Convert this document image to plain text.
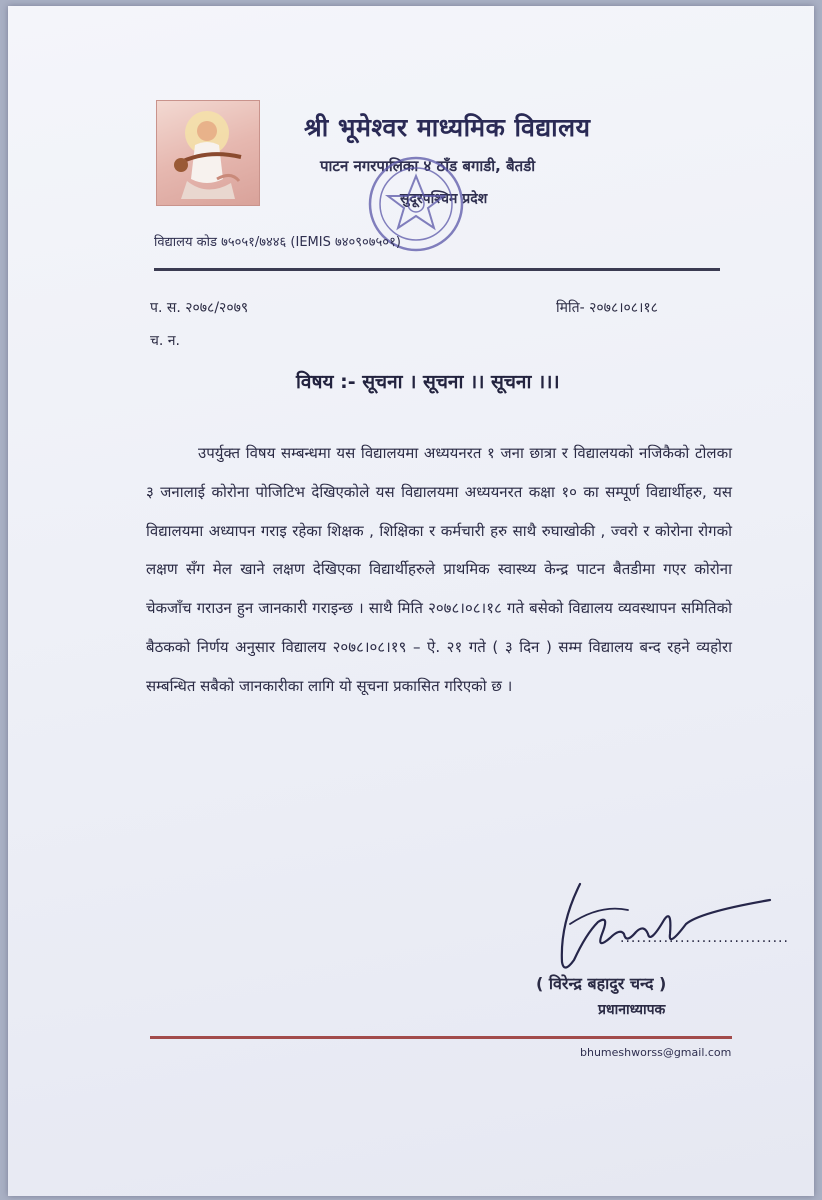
श्री भूमेश्वर माध्यमिक विद्यालय
पाटन नगरपालिका ४ ठाँड बगाडी, बैतडी
सुदूरपश्चिम प्रदेश
विद्यालय कोड ७५०५१/७४४६ (IEMIS ७४०९०७५०१)
प. स. २०७८/२०७९	मिति- २०७८।०८।१८
च. न.
विषय :- सूचना । सूचना ।। सूचना ।।।
उपर्युक्त विषय सम्बन्धमा यस विद्यालयमा अध्ययनरत १ जना छात्रा र विद्यालयको नजिकैको टोलका ३ जनालाई कोरोना पोजिटिभ देखिएकोले यस विद्यालयमा अध्ययनरत कक्षा १० का सम्पूर्ण विद्यार्थीहरु, यस विद्यालयमा अध्यापन गराइ रहेका शिक्षक , शिक्षिका र कर्मचारी हरु साथै रुघाखोकी , ज्वरो र कोरोना रोगको लक्षण सँग मेल खाने लक्षण देखिएका विद्यार्थीहरुले प्राथमिक स्वास्थ्य केन्द्र पाटन बैतडीमा गएर कोरोना चेकजाँच गराउन हुन जानकारी गराइन्छ । साथै मिति २०७८।०८।१८ गते बसेको विद्यालय व्यवस्थापन समितिको बैठकको निर्णय अनुसार विद्यालय २०७८।०८।१९ – ऐ. २१ गते ( ३ दिन ) सम्म विद्यालय बन्द रहने व्यहोरा सम्बन्धित सबैको जानकारीका लागि यो सूचना प्रकासित गरिएको छ ।
...............................
( विरेन्द्र बहादुर चन्द )
प्रधानाध्यापक
bhumeshworss@gmail.com
